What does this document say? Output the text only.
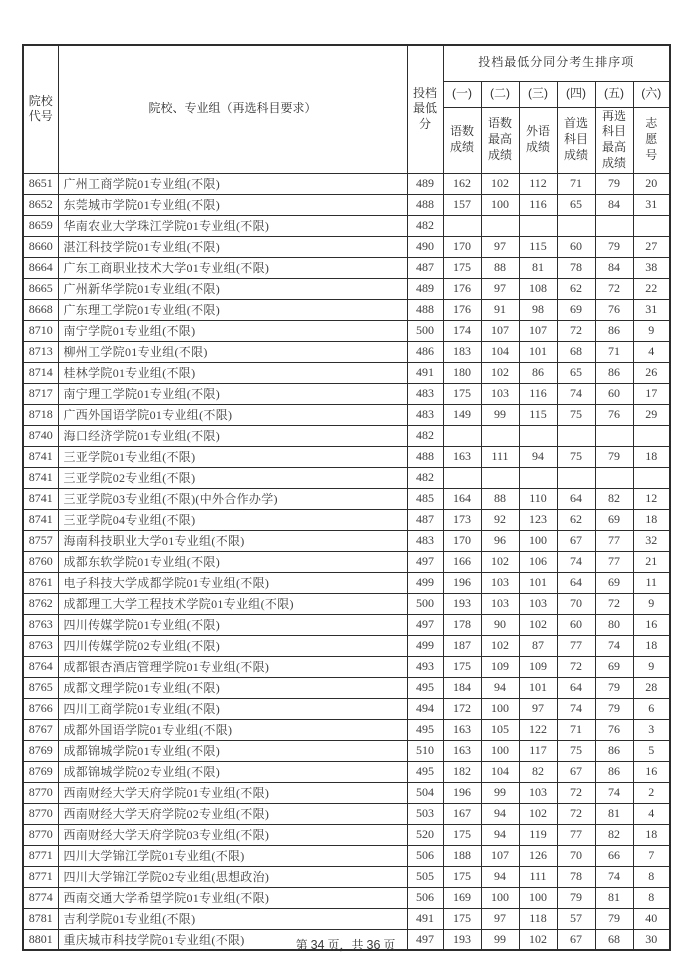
院校代号	院校、专业组（再选科目要求）	投档最低分	投档最低分同分考生排序项					
			(一)	(二)	(三)	(四)	(五)	(六)
			语数成绩	语数最高成绩	外语成绩	首选科目成绩	再选科目最高成绩	志愿号
8651	广州工商学院01专业组(不限)	489	162	102	112	71	79	20
8652	东莞城市学院01专业组(不限)	488	157	100	116	65	84	31
8659	华南农业大学珠江学院01专业组(不限)	482						
8660	湛江科技学院01专业组(不限)	490	170	97	115	60	79	27
8664	广东工商职业技术大学01专业组(不限)	487	175	88	81	78	84	38
8665	广州新华学院01专业组(不限)	489	176	97	108	62	72	22
8668	广东理工学院01专业组(不限)	488	176	91	98	69	76	31
8710	南宁学院01专业组(不限)	500	174	107	107	72	86	9
8713	柳州工学院01专业组(不限)	486	183	104	101	68	71	4
8714	桂林学院01专业组(不限)	491	180	102	86	65	86	26
8717	南宁理工学院01专业组(不限)	483	175	103	116	74	60	17
8718	广西外国语学院01专业组(不限)	483	149	99	115	75	76	29
8740	海口经济学院01专业组(不限)	482						
8741	三亚学院01专业组(不限)	488	163	111	94	75	79	18
8741	三亚学院02专业组(不限)	482						
8741	三亚学院03专业组(不限)(中外合作办学)	485	164	88	110	64	82	12
8741	三亚学院04专业组(不限)	487	173	92	123	62	69	18
8757	海南科技职业大学01专业组(不限)	483	170	96	100	67	77	32
8760	成都东软学院01专业组(不限)	497	166	102	106	74	77	21
8761	电子科技大学成都学院01专业组(不限)	499	196	103	101	64	69	11
8762	成都理工大学工程技术学院01专业组(不限)	500	193	103	103	70	72	9
8763	四川传媒学院01专业组(不限)	497	178	90	102	60	80	16
8763	四川传媒学院02专业组(不限)	499	187	102	87	77	74	18
8764	成都银杏酒店管理学院01专业组(不限)	493	175	109	109	72	69	9
8765	成都文理学院01专业组(不限)	495	184	94	101	64	79	28
8766	四川工商学院01专业组(不限)	494	172	100	97	74	79	6
8767	成都外国语学院01专业组(不限)	495	163	105	122	71	76	3
8769	成都锦城学院01专业组(不限)	510	163	100	117	75	86	5
8769	成都锦城学院02专业组(不限)	495	182	104	82	67	86	16
8770	西南财经大学天府学院01专业组(不限)	504	196	99	103	72	74	2
8770	西南财经大学天府学院02专业组(不限)	503	167	94	102	72	81	4
8770	西南财经大学天府学院03专业组(不限)	520	175	94	119	77	82	18
8771	四川大学锦江学院01专业组(不限)	506	188	107	126	70	66	7
8771	四川大学锦江学院02专业组(思想政治)	505	175	94	111	78	74	8
8774	西南交通大学希望学院01专业组(不限)	506	169	100	100	79	81	8
8781	吉利学院01专业组(不限)	491	175	97	118	57	79	40
8801	重庆城市科技学院01专业组(不限)	497	193	99	102	67	68	30
第 34 页，共 36 页
